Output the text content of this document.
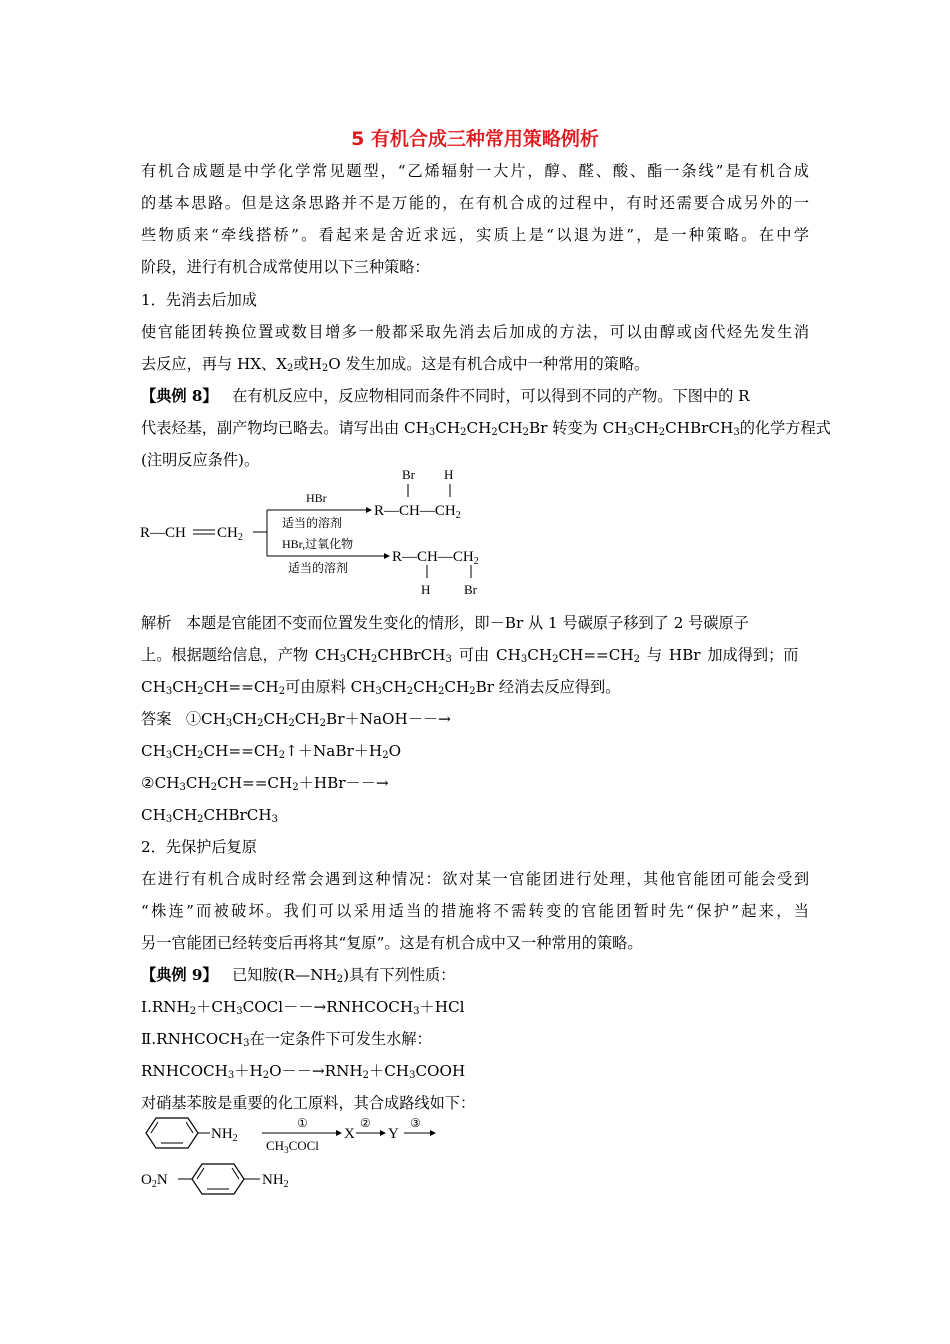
5 有机合成三种常用策略例析
有机合成题是中学化学常见题型，“乙烯辐射一大片，醇、醛、酸、酯一条线”是有机合成
的基本思路。但是这条思路并不是万能的，在有机合成的过程中，有时还需要合成另外的一
些物质来“牵线搭桥”。看起来是舍近求远，实质上是“以退为进”，是一种策略。在中学
阶段，进行有机合成常使用以下三种策略：
1．先消去后加成
使官能团转换位置或数目增多一般都采取先消去后加成的方法，可以由醇或卤代烃先发生消
去反应，再与 HX、$X_2$或$H_2O$ 发生加成。这是有机合成中一种常用的策略。
【典例 8】 在有机反应中，反应物相同而条件不同时，可以得到不同的产物。下图中的 R
代表烃基，副产物均已略去。请写出由 $CH_3CH_2CH_2CH_2Br$ 转变为 $CH_3CH_2CHBrCH_3$的化学方程式
(注明反应条件)。
R—CH $CH_2$
HBr
适当的溶剂
HBr,过氧化物
适当的溶剂
Br H
$R—CH—CH_2$
$R—CH—CH_2$
H	Br
解析 本题是官能团不变而位置发生变化的情形，即－Br 从 1 号碳原子移到了 2 号碳原子
上。根据题给信息，产物 $CH_3CH_2CHBrCH_3$ 可由 $CH_3CH_2CH==CH_2$ 与 HBr 加成得到；而
$CH_3CH_2CH==CH_2$可由原料 $CH_3CH_2CH_2CH_2Br$ 经消去反应得到。
答案 $①CH_3CH_2CH_2CH_2Br+NaOH--\to$
$CH_3CH_2CH==CH_2↑+NaBr+H_2O$
$②CH_3CH_2CH==CH_2+HBr--\to$
$CH_3CH_2CHBrCH_3$
2．先保护后复原
在进行有机合成时经常会遇到这种情况：欲对某一官能团进行处理，其他官能团可能会受到
“株连”而被破坏。我们可以采用适当的措施将不需转变的官能团暂时先“保护”起来，当
另一官能团已经转变后再将其“复原”。这是有机合成中又一种常用的策略。
【典例 9】 已知胺$(R—NH_2)$具有下列性质：
$Ⅰ.RNH_2+CH_3COCl--\to RNHCOCH_3+HCl$
$Ⅱ.RNHCOCH_3$在一定条件下可发生水解：
$RNHCOCH_3+H_2O--\to RNH_2+CH_3COOH$
对硝基苯胺是重要的化工原料，其合成路线如下：
$NH_2$
①
$CH_3COCl$
X
②
Y
③
$O_2N$	$NH_2$
